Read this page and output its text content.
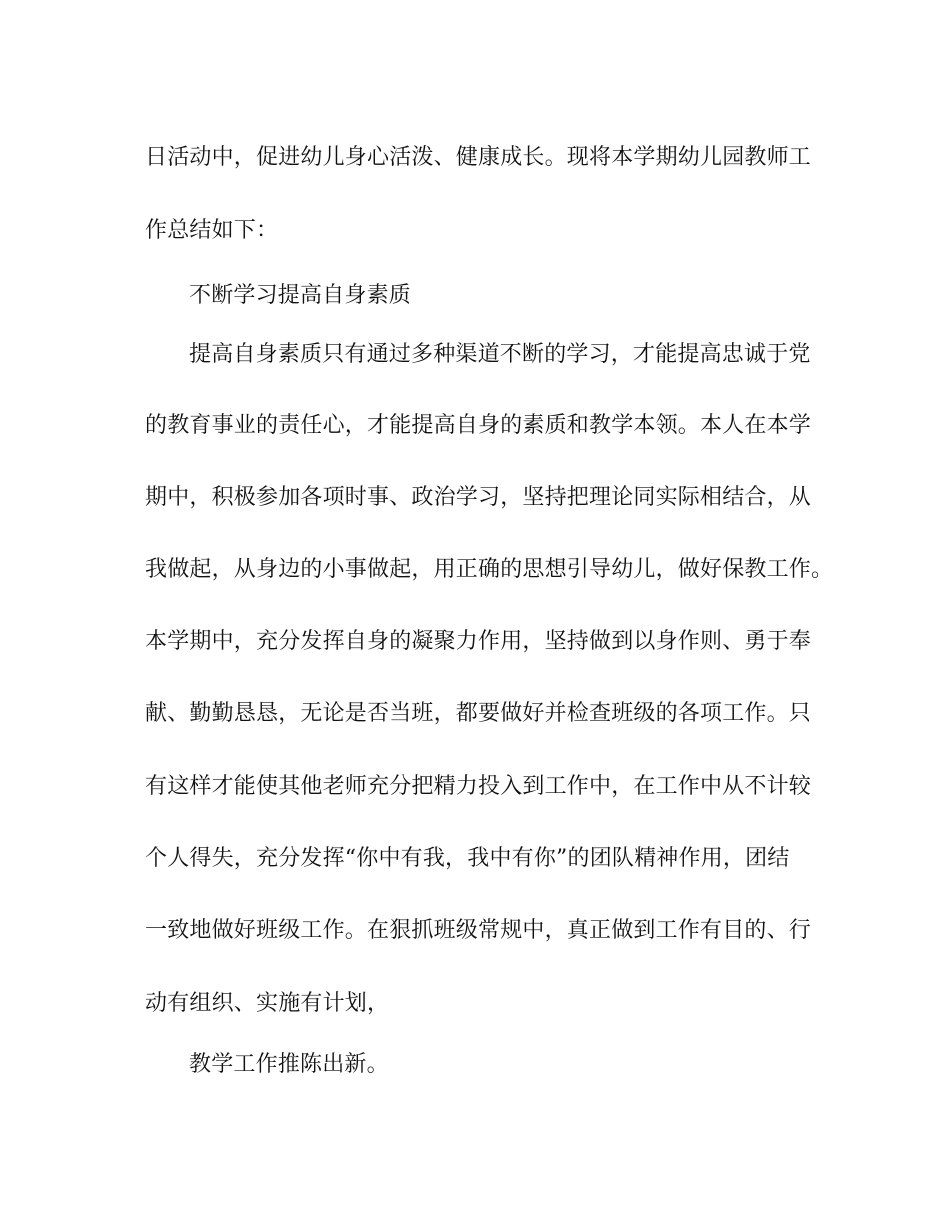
日活动中，促进幼儿身心活泼、健康成长。现将本学期幼儿园教师工
作总结如下：
不断学习提高自身素质
提高自身素质只有通过多种渠道不断的学习，才能提高忠诚于党
的教育事业的责任心，才能提高自身的素质和教学本领。本人在本学
期中，积极参加各项时事、政治学习，坚持把理论同实际相结合，从
我做起，从身边的小事做起，用正确的思想引导幼儿，做好保教工作。
本学期中，充分发挥自身的凝聚力作用，坚持做到以身作则、勇于奉
献、勤勤恳恳，无论是否当班，都要做好并检查班级的各项工作。只
有这样才能使其他老师充分把精力投入到工作中，在工作中从不计较
个人得失，充分发挥“你中有我，我中有你”的团队精神作用，团结
一致地做好班级工作。在狠抓班级常规中，真正做到工作有目的、行
动有组织、实施有计划，
教学工作推陈出新。
